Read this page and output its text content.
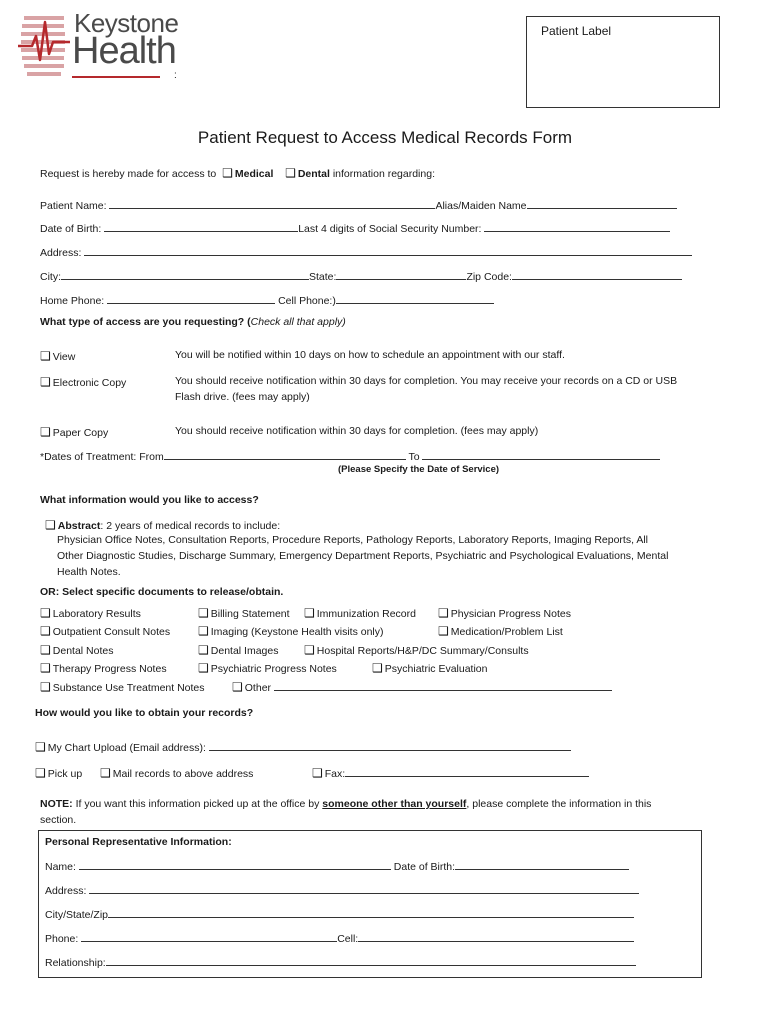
Keystone
Health
:
Patient Label
Patient Request to Access Medical Records Form
Request is hereby made for access to ❑ Medical ❑ Dental information regarding:
Patient Name:	Alias/Maiden Name
Date of Birth:	Last 4 digits of Social Security Number:
Address:
City:	State:	Zip Code:
Home Phone:	Cell Phone:)
What type of access are you requesting? (Check all that apply)
❑ View	You will be notified within 10 days on how to schedule an appointment with our staff.
❑ Electronic Copy	You should receive notification within 30 days for completion. You may receive your records on a CD or USB
Flash drive. (fees may apply)
❑ Paper Copy	You should receive notification within 30 days for completion. (fees may apply)
*Dates of Treatment: From	To
(Please Specify the Date of Service)
What information would you like to access?
❑ Abstract: 2 years of medical records to include:
Physician Office Notes, Consultation Reports, Procedure Reports, Pathology Reports, Laboratory Reports, Imaging Reports, All
Other Diagnostic Studies, Discharge Summary, Emergency Department Reports, Psychiatric and Psychological Evaluations, Mental
Health Notes.
OR: Select specific documents to release/obtain.
❑ Laboratory Results	❑ Billing Statement ❑ Immunization Record ❑ Physician Progress Notes
❑ Outpatient Consult Notes ❑ Imaging (Keystone Health visits only)	❑ Medication/Problem List
❑ Dental Notes	❑ Dental Images ❑ Hospital Reports/H&P/DC Summary/Consults
❑ Therapy Progress Notes	❑ Psychiatric Progress Notes	❑ Psychiatric Evaluation
❑ Substance Use Treatment Notes ❑ Other
How would you like to obtain your records?
❑ My Chart Upload (Email address):
❑ Pick up ❑ Mail records to above address	❑ Fax:
NOTE: If you want this information picked up at the office by someone other than yourself, please complete the information in this
section.
Personal Representative Information:
Name:	Date of Birth:
Address:
City/State/Zip
Phone:	Cell:
Relationship:
